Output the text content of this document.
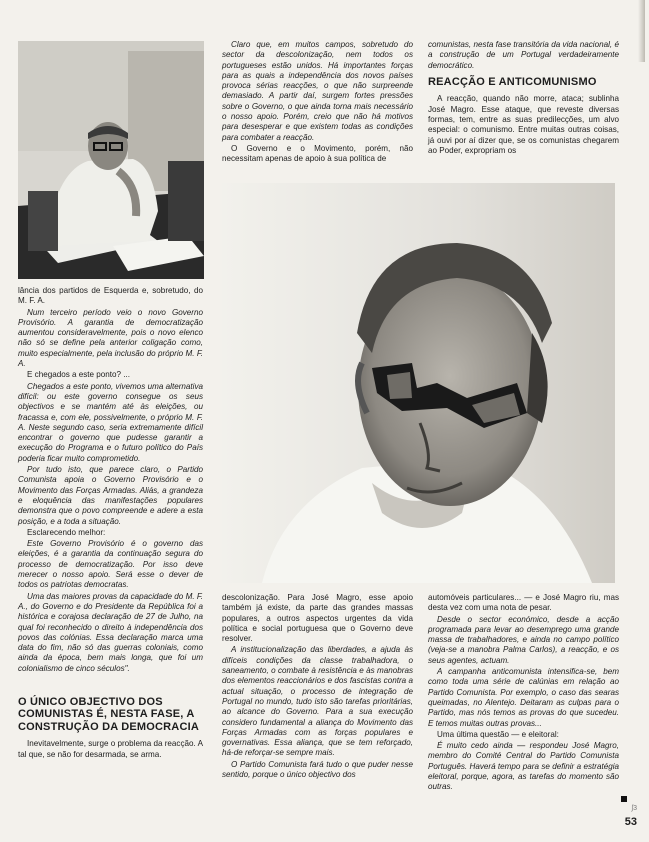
lância dos partidos de Esquerda e, sobretudo, do M. F. A.

Num terceiro período veio o novo Governo Provisório. A garantia de democratização aumentou consideravelmente, pois o novo elenco não só se define pela anterior coligação como, muito especialmente, pela inclusão do próprio M. F. A.

E chegados a este ponto? ...

Chegados a este ponto, vivemos uma alternativa difícil: ou este governo consegue os seus objectivos e se mantém até às eleições, ou fracassa e, com ele, possivelmente, o próprio M. F. A. Neste segundo caso, seria extremamente difícil encontrar o governo que pudesse garantir a execução do Programa e o futuro político do País poderia ficar muito comprometido.

Por tudo isto, que parece claro, o Partido Comunista apoia o Governo Provisório e o Movimento das Forças Armadas. Aliás, a grandeza e eloquência das manifestações populares demonstra que o povo compreende e adere a esta posição, e a toda a situação.

Esclarecendo melhor:

Este Governo Provisório é o governo das eleições, é a garantia da continuação segura do processo de democratização. Por isso deve merecer o nosso apoio. Será esse o dever de todos os patriotas democratas.

Uma das maiores provas da capacidade do M. F. A., do Governo e do Presidente da República foi a histórica e corajosa declaração de 27 de Julho, na qual foi reconhecido o direito à independência dos povos das colónias. Essa declaração marca uma data do fim, não só das guerras coloniais, como ainda da época, bem mais longa, que foi um colonialismo de cinco séculos".

O ÚNICO OBJECTIVO DOS COMUNISTAS É, NESTA FASE, A CONSTRUÇÃO DA DEMOCRACIA

Inevitavelmente, surge o problema da reacção. A tal que, se não for desarmada, se arma.

Claro que, em muitos campos, sobretudo do sector da descolonização, nem todos os portugueses estão unidos. Há importantes forças para as quais a independência dos novos países provoca sérias reacções, o que não surpreende demasiado. A partir daí, surgem fortes pressões sobre o Governo, o que ainda torna mais necessário o nosso apoio. Porém, creio que não há motivos para desesperar e que existem todas as condições para combater a reacção.

O Governo e o Movimento, porém, não necessitam apenas de apoio à sua política de

comunistas, nesta fase transitória da vida nacional, é a construção de um Portugal verdadeiramente democrático.

REACÇÃO E ANTICOMUNISMO

A reacção, quando não morre, ataca; sublinha José Magro. Esse ataque, que reveste diversas formas, tem, entre as suas predilecções, um alvo especial: o comunismo. Entre muitas outras coisas, já ouvi por aí dizer que, se os comunistas chegarem ao Poder, expropriam os

descolonização. Para José Magro, esse apoio também já existe, da parte das grandes massas populares, a outros aspectos urgentes da vida política e social portuguesa que o Governo deve resolver.

A institucionalização das liberdades, a ajuda às difíceis condições da classe trabalhadora, o saneamento, o combate à resistência e às manobras dos elementos reaccionários e dos fascistas contra a actual situação, o processo de integração de Portugal no mundo, tudo isto são tarefas prioritárias, ao alcance do Governo. Para a sua execução considero fundamental a aliança do Movimento das Forças Armadas com as forças populares e governativas. Essa aliança, que se tem reforçado, há-de reforçar-se sempre mais.

O Partido Comunista fará tudo o que puder nesse sentido, porque o único objectivo dos

automóveis particulares... — e José Magro riu, mas desta vez com uma nota de pesar.

Desde o sector económico, desde a acção programada para levar ao desemprego uma grande massa de trabalhadores, e ainda no campo político (veja-se a manobra Palma Carlos), a reacção, e os seus agentes, actuam.

A campanha anticomunista intensifica-se, bem como toda uma série de calúnias em relação ao Partido Comunista. Por exemplo, o caso das searas queimadas, no Alentejo. Deitaram as culpas para o Partido, mas nós temos as provas do que sucedeu. E temos muitas outras provas...

Uma última questão — e eleitoral:

É muito cedo ainda — respondeu José Magro, membro do Comité Central do Partido Comunista Português. Haverá tempo para se definir a estratégia eleitoral, porque, agora, as tarefas do momento são outras.

ʃ3
53
